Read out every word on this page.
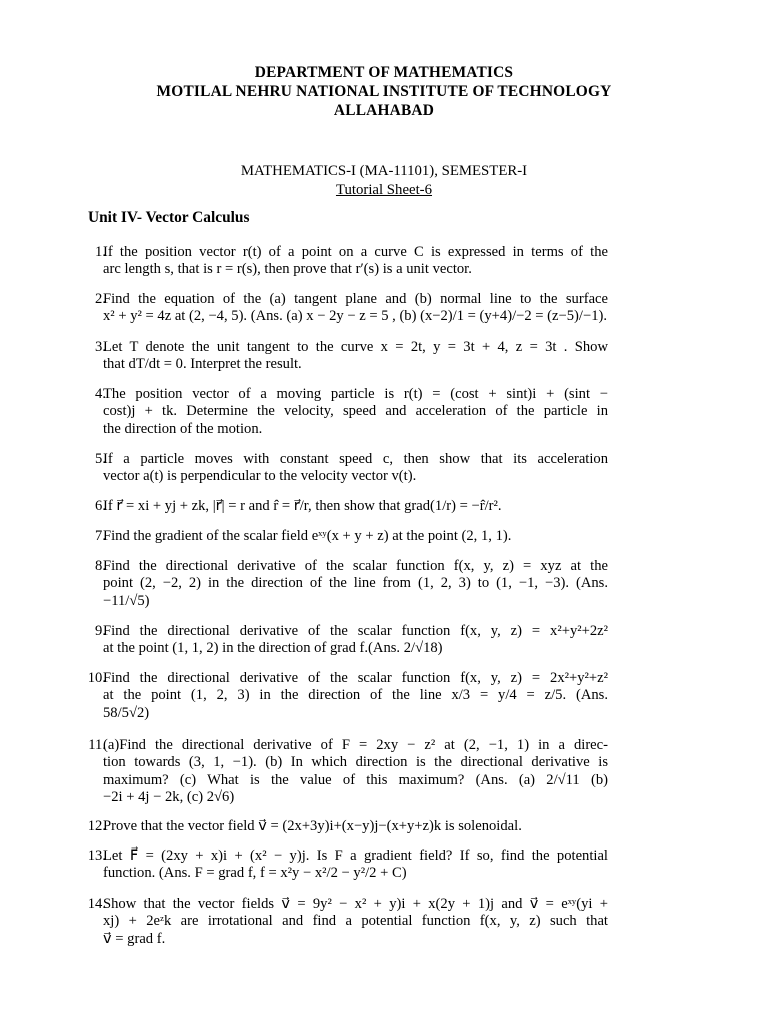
DEPARTMENT OF MATHEMATICS
MOTILAL NEHRU NATIONAL INSTITUTE OF TECHNOLOGY
ALLAHABAD
MATHEMATICS-I (MA-11101), SEMESTER-I
Tutorial Sheet-6
Unit IV- Vector Calculus
1.
If the position vector r(t) of a point on a curve C is expressed in terms of the
arc length s, that is r = r(s), then prove that r′(s) is a unit vector.
2.
Find the equation of the (a) tangent plane and (b) normal line to the surface
x² + y² = 4z at (2, −4, 5). (Ans. (a) x − 2y − z = 5 , (b) (x−2)/1 = (y+4)/−2 = (z−5)/−1).
3.
Let T denote the unit tangent to the curve x = 2t, y = 3t + 4, z = 3t . Show
that dT/dt = 0. Interpret the result.
4.
The position vector of a moving particle is r(t) = (cost + sint)i + (sint −
cost)j + tk. Determine the velocity, speed and acceleration of the particle in
the direction of the motion.
5.
If a particle moves with constant speed c, then show that its acceleration
vector a(t) is perpendicular to the velocity vector v(t).
6.
If r⃗ = xi + yj + zk, |r⃗| = r and r̂ = r⃗/r, then show that grad(1/r) = −r̂/r².
7.
Find the gradient of the scalar field eˣʸ(x + y + z) at the point (2, 1, 1).
8.
Find the directional derivative of the scalar function f(x, y, z) = xyz at the
point (2, −2, 2) in the direction of the line from (1, 2, 3) to (1, −1, −3). (Ans.
−11/√5)
9.
Find the directional derivative of the scalar function f(x, y, z) = x²+y²+2z²
at the point (1, 1, 2) in the direction of grad f.(Ans. 2/√18)
10.
Find the directional derivative of the scalar function f(x, y, z) = 2x²+y²+z²
at the point (1, 2, 3) in the direction of the line x/3 = y/4 = z/5. (Ans.
58/5√2)
11.
(a)Find the directional derivative of F = 2xy − z² at (2, −1, 1) in a direc-
tion towards (3, 1, −1). (b) In which direction is the directional derivative is
maximum? (c) What is the value of this maximum? (Ans. (a) 2/√11 (b)
−2i + 4j − 2k, (c) 2√6)
12.
Prove that the vector field v⃗ = (2x+3y)i+(x−y)j−(x+y+z)k is solenoidal.
13.
Let F⃗ = (2xy + x)i + (x² − y)j. Is F a gradient field? If so, find the potential
function. (Ans. F = grad f, f = x²y − x²/2 − y²/2 + C)
14.
Show that the vector fields v⃗ = 9y² − x² + y)i + x(2y + 1)j and v⃗ = eˣʸ(yi +
xj) + 2eᶻk are irrotational and find a potential function f(x, y, z) such that
v⃗ = grad f.
